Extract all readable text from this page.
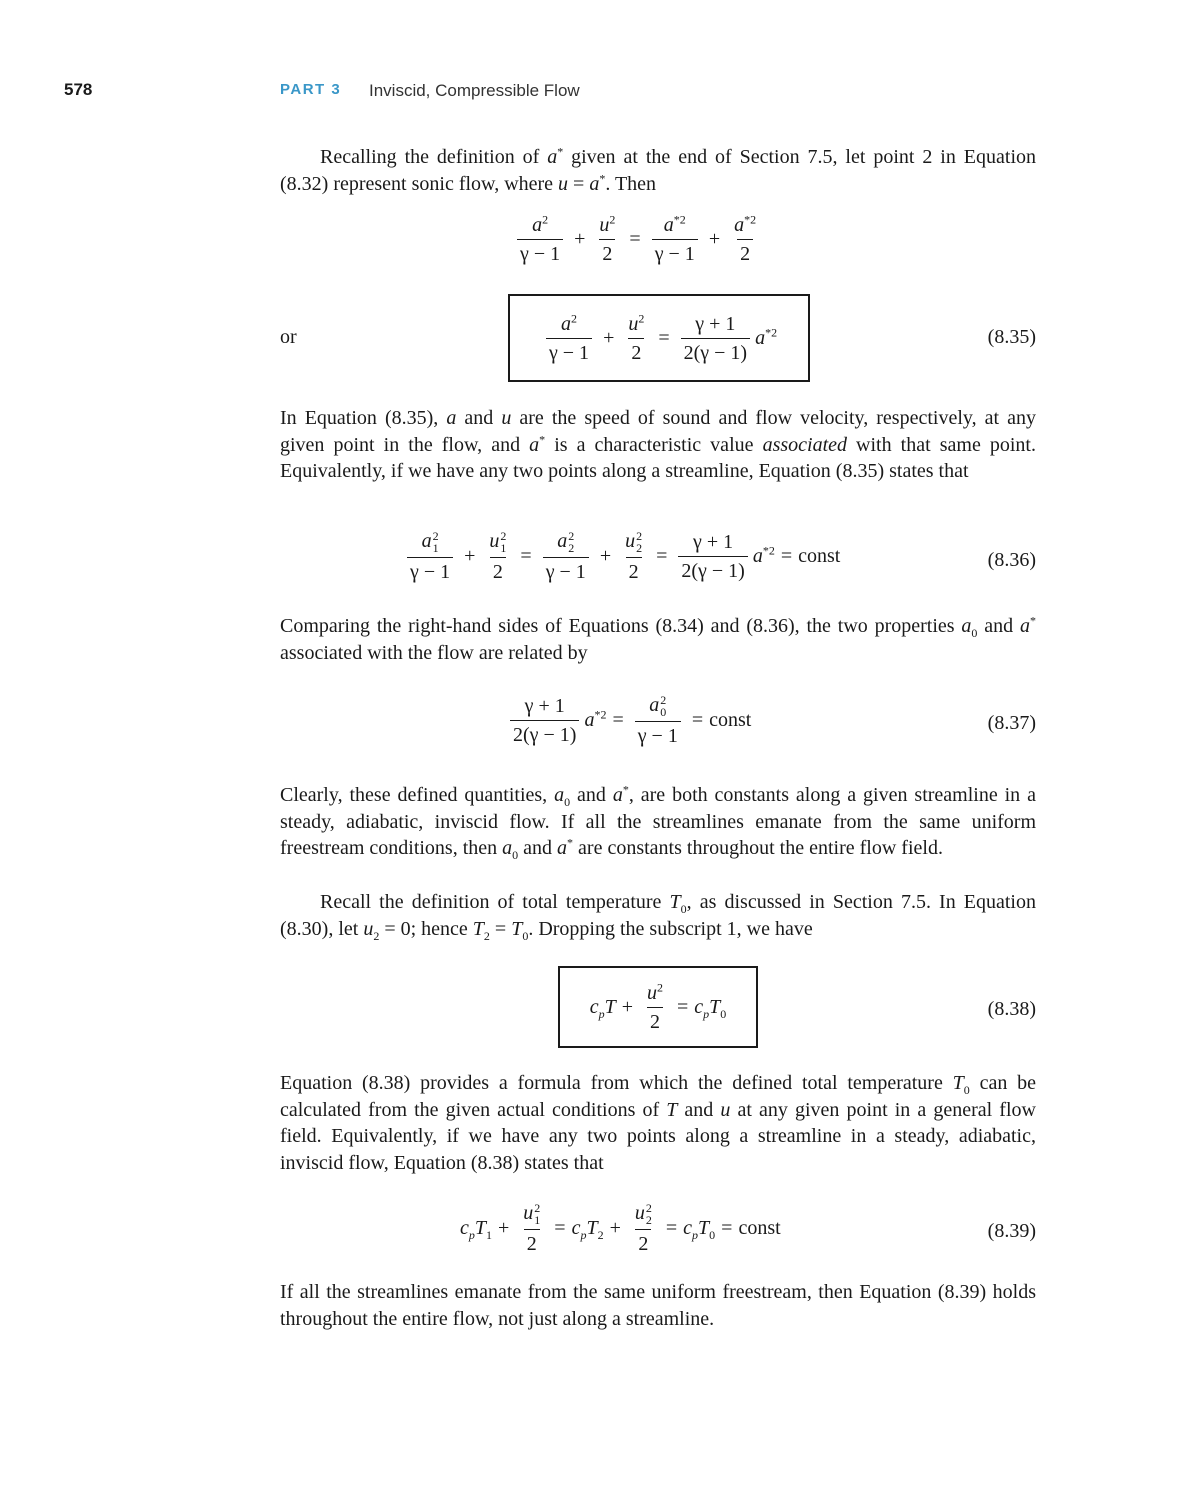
578	PART 3 Inviscid, Compressible Flow

Recalling the definition of a* given at the end of Section 7.5, let point 2 in Equation (8.32) represent sonic flow, where u = a*. Then

$\frac{a^2}{\gamma - 1} + \frac{u^2}{2} = \frac{a^{*2}}{\gamma - 1} + \frac{a^{*2}}{2}$
or	$\frac{a^2}{\gamma - 1} + \frac{u^2}{2} = \frac{\gamma + 1}{2(\gamma - 1)} a^{*2}$	(8.35)

In Equation (8.35), a and u are the speed of sound and flow velocity, respectively, at any given point in the flow, and a* is a characteristic value associated with that same point. Equivalently, if we have any two points along a streamline, Equation (8.35) states that

a 2
1
γ − 1 + u 2
1
2 = a 2
2
γ − 1 + u 2
2
$2 = \frac{\gamma + 1}{2(\gamma - 1)} a^{*2}$ = const	(8.36)

Comparing the right-hand sides of Equations (8.34) and (8.36), the two properties $a_0$ and a* associated with the flow are related by

$\frac{\gamma + 1}{2(\gamma - 1)} a^{*2} = a$ 2
0
γ − 1 = const	(8.37)

Clearly, these defined quantities, $a_0$ and a*, are both constants along a given streamline in a steady, adiabatic, inviscid flow. If all the streamlines emanate from the same uniform freestream conditions, then $a_0$ and a* are constants throughout the entire flow field.

Recall the definition of total temperature $T_0$, as discussed in Section 7.5. In Equation (8.30), let $u_2 = 0$; hence $T_2 = T_0$. Dropping the subscript 1, we have

$c_pT + \frac{u^2}{2} = c_pT_0$	(8.38)

Equation (8.38) provides a formula from which the defined total temperature $T_0$ can be calculated from the given actual conditions of T and u at any given point in a general flow field. Equivalently, if we have any two points along a streamline in a steady, adiabatic, inviscid flow, Equation (8.38) states that

$c_pT_1 + u$ 2
1
$2 = c_pT_2 + u$ 2
2
$2 = c_pT_0$ = const	(8.39)

If all the streamlines emanate from the same uniform freestream, then Equation (8.39) holds throughout the entire flow, not just along a streamline.
